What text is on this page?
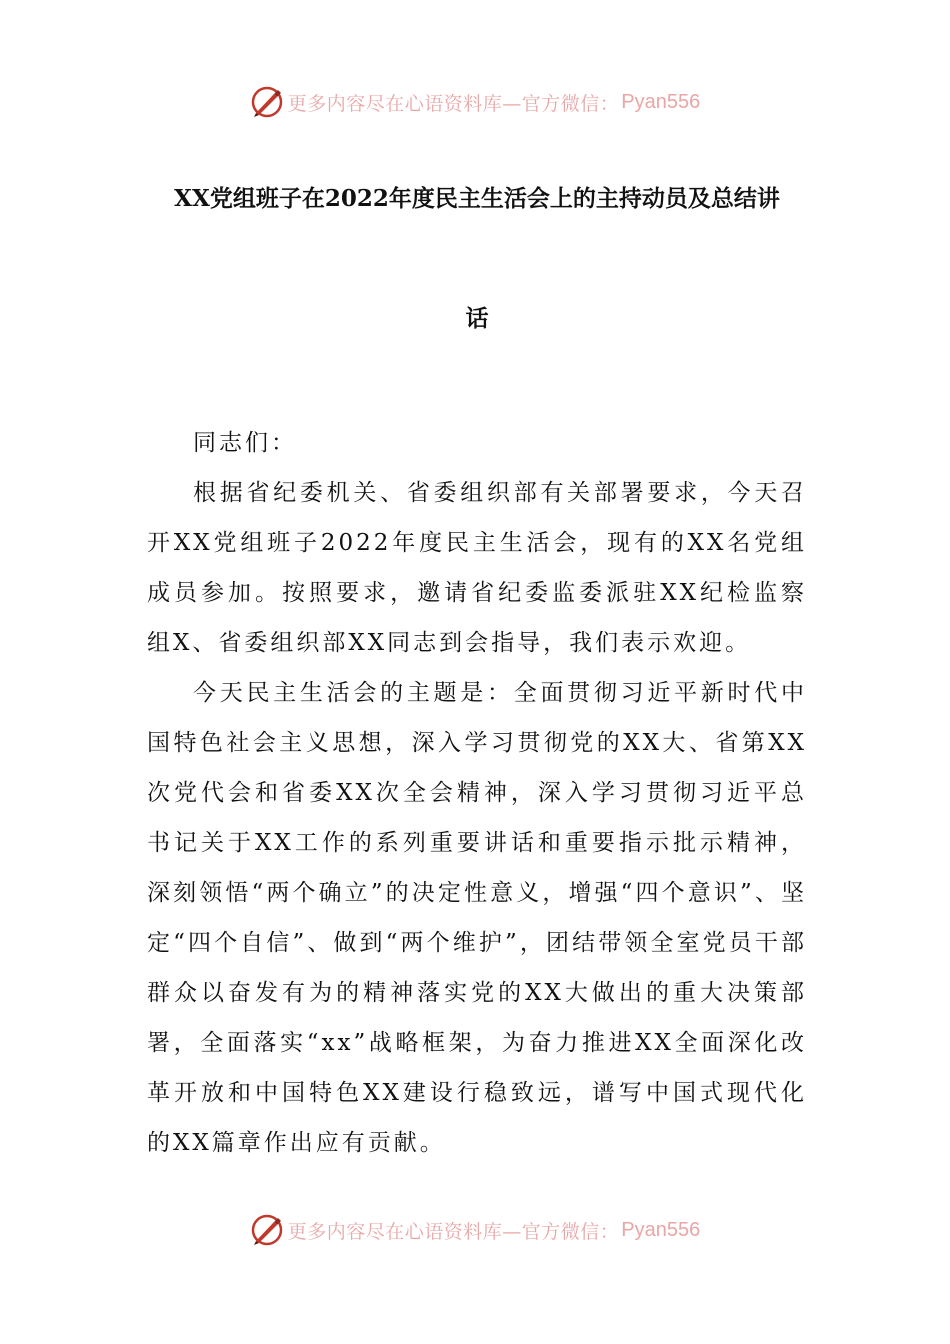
更多内容尽在心语资料库—官方微信： Pyan556
XX党组班子在2022年度民主生活会上的主持动员及总结讲
话

同志们：

根据省纪委机关、省委组织部有关部署要求，今天召开XX党组班子2022年度民主生活会，现有的XX名党组成员参加。按照要求，邀请省纪委监委派驻XX纪检监察组X、省委组织部XX同志到会指导，我们表示欢迎。

今天民主生活会的主题是：全面贯彻习近平新时代中国特色社会主义思想，深入学习贯彻党的XX大、省第XX次党代会和省委XX次全会精神，深入学习贯彻习近平总书记关于XX工作的系列重要讲话和重要指示批示精神，深刻领悟“两个确立”的决定性意义，增强“四个意识”、坚定“四个自信”、做到“两个维护”，团结带领全室党员干部群众以奋发有为的精神落实党的XX大做出的重大决策部署，全面落实“xx”战略框架，为奋力推进XX全面深化改革开放和中国特色XX建设行稳致远，谱写中国式现代化的XX篇章作出应有贡献。

更多内容尽在心语资料库—官方微信： Pyan556
